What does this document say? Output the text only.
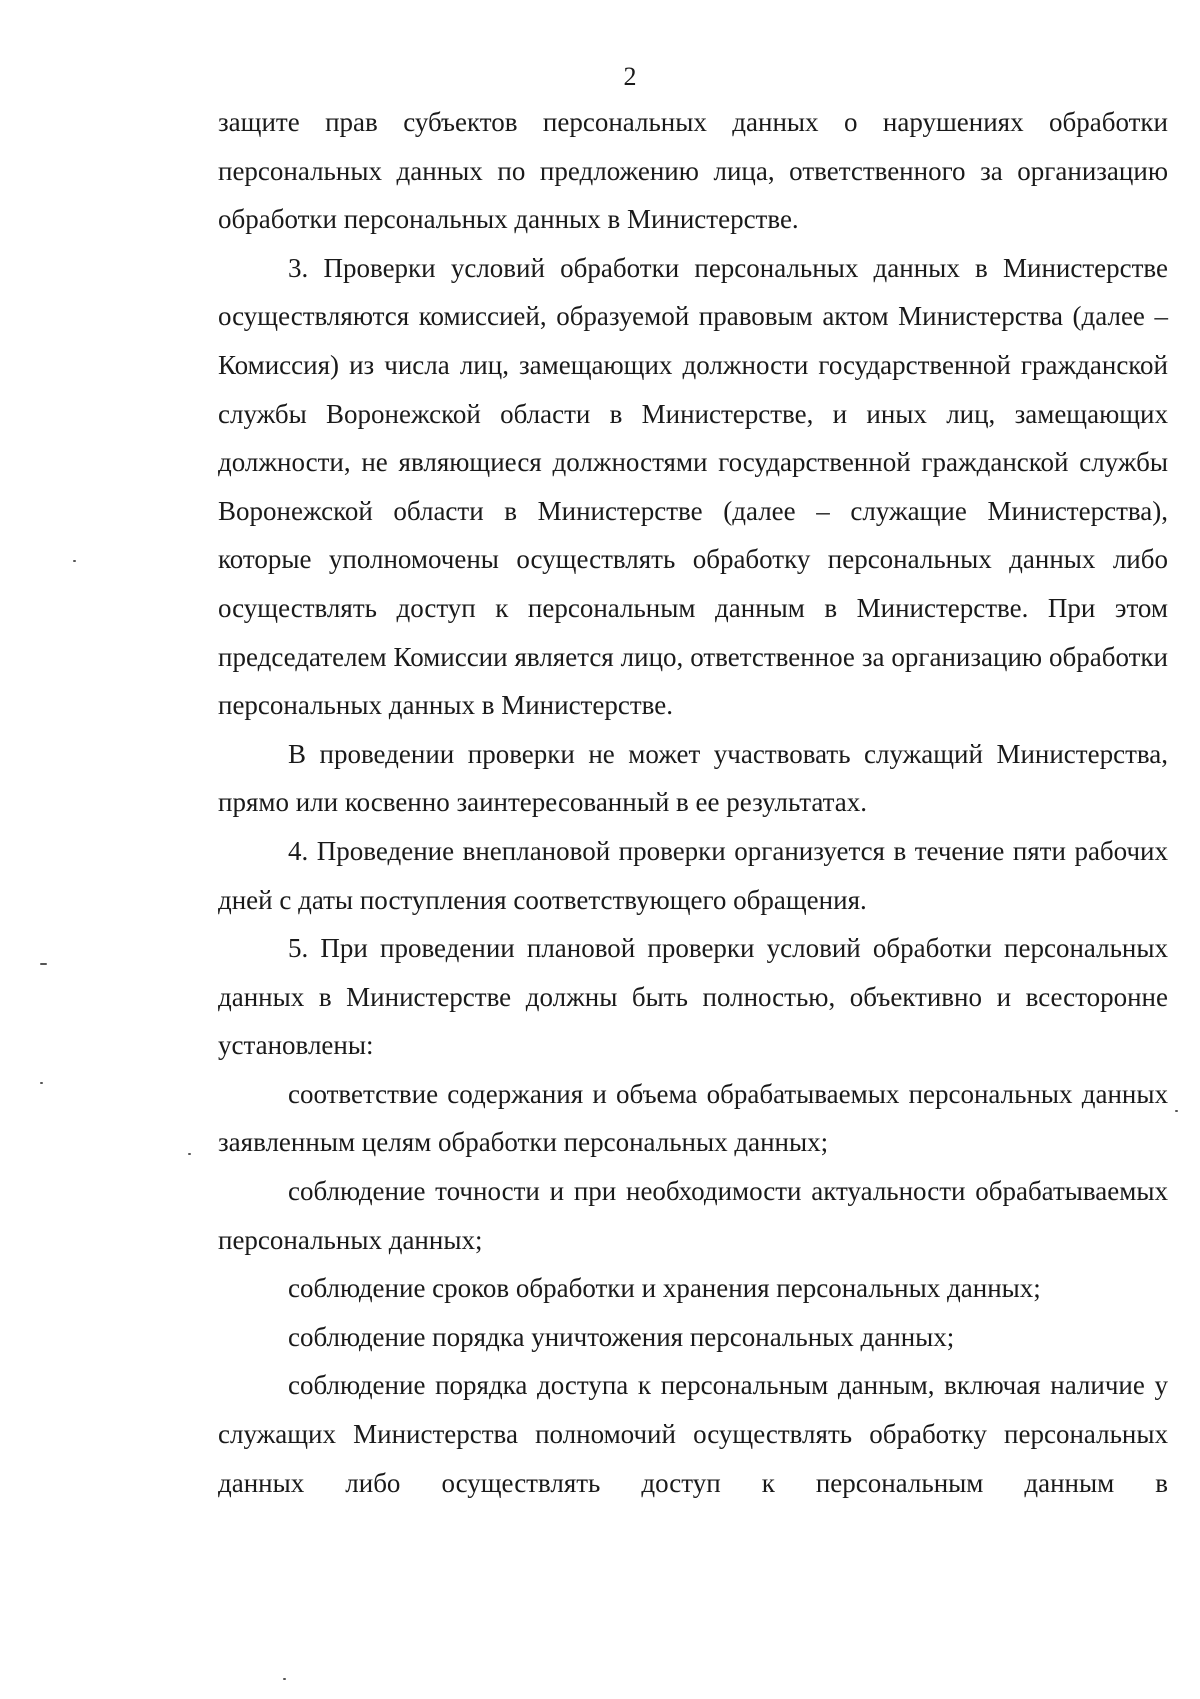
2

защите прав субъектов персональных данных о нарушениях обработки персональных данных по предложению лица, ответственного за организацию обработки персональных данных в Министерстве.

3. Проверки условий обработки персональных данных в Министерстве осуществляются комиссией, образуемой правовым актом Министерства (далее – Комиссия) из числа лиц, замещающих должности государственной гражданской службы Воронежской области в Министерстве, и иных лиц, замещающих должности, не являющиеся должностями государственной гражданской службы Воронежской области в Министерстве (далее – служащие Министерства), которые уполномочены осуществлять обработку персональных данных либо осуществлять доступ к персональным данным в Министерстве. При этом председателем Комиссии является лицо, ответственное за организацию обработки персональных данных в Министерстве.

В проведении проверки не может участвовать служащий Министерства, прямо или косвенно заинтересованный в ее результатах.

4. Проведение внеплановой проверки организуется в течение пяти рабочих дней с даты поступления соответствующего обращения.

5. При проведении плановой проверки условий обработки персональных данных в Министерстве должны быть полностью, объективно и всесторонне установлены:

соответствие содержания и объема обрабатываемых персональных данных заявленным целям обработки персональных данных;

соблюдение точности и при необходимости актуальности обрабатываемых персональных данных;

соблюдение сроков обработки и хранения персональных данных;

соблюдение порядка уничтожения персональных данных;

соблюдение порядка доступа к персональным данным, включая наличие у служащих Министерства полномочий осуществлять обработку персональных данных либо осуществлять доступ к персональным данным в
